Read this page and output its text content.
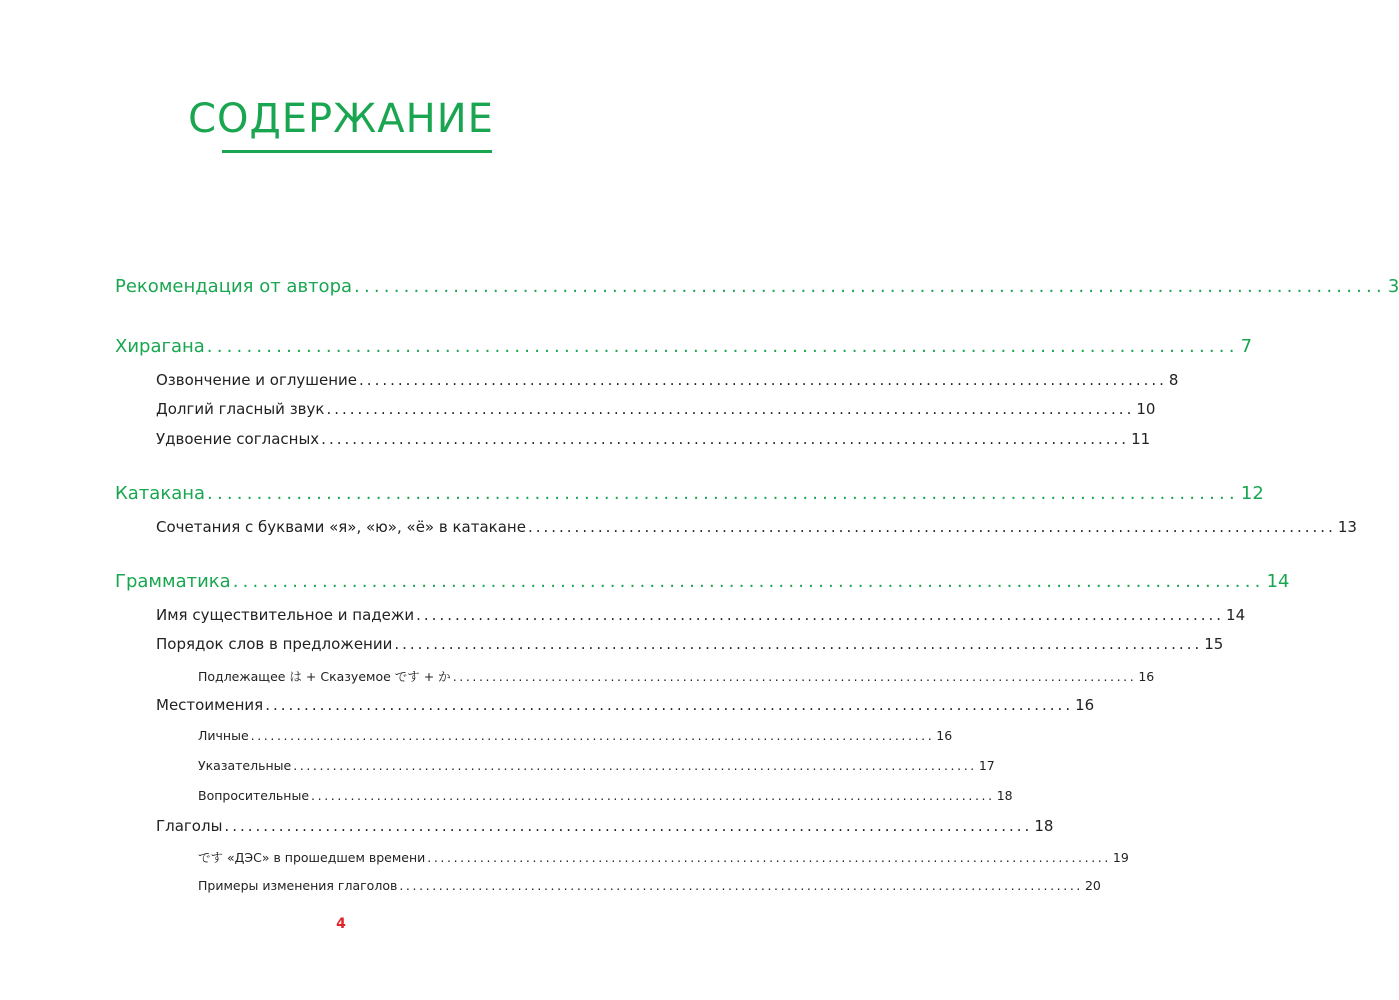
СОДЕРЖАНИЕ
Рекомендация от автора ........................................................................................................ 3
Хирагана ........................................................................................................ 7
Озвончение и оглушение ........................................................................................................ 8
Долгий гласный звук ........................................................................................................ 10
Удвоение согласных ........................................................................................................ 11
Катакана ........................................................................................................ 12
Сочетания с буквами «я», «ю», «ё» в катакане ........................................................................................................ 13
Грамматика ........................................................................................................ 14
Имя существительное и падежи ........................................................................................................ 14
Порядок слов в предложении ........................................................................................................ 15
Подлежащее は + Сказуемое です + か ........................................................................................................ 16
Местоимения ........................................................................................................ 16
Личные ........................................................................................................ 16
Указательные ........................................................................................................ 17
Вопросительные ........................................................................................................ 18
Глаголы ........................................................................................................ 18
です «ДЭС» в прошедшем времени ........................................................................................................ 19
Примеры изменения глаголов ........................................................................................................ 20
4
